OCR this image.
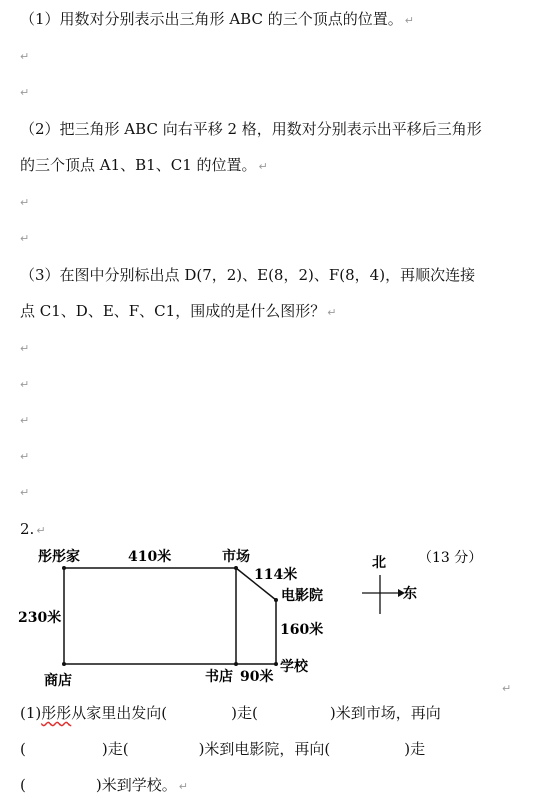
（1）用数对分别表示出三角形 ABC 的三个顶点的位置。 ↵
↵
↵
（2）把三角形 ABC 向右平移 2 格，用数对分别表示出平移后三角形
的三个顶点 A1、B1、C1 的位置。 ↵
↵
↵
（3）在图中分别标出点 D(7，2)、E(8，2)、F(8，4)，再顺次连接
点 C1、D、E、F、C1，围成的是什么图形？ ↵
↵
↵
↵
↵
↵
2. ↵
彤彤家	410米	市场
114米
电影院
230米
160米
商店	书店 90米
学校
北
东
（13 分）
↵
(1)彤彤从家里出发向(	)走(	)米到市场，再向
(	)走(	)米到电影院，再向(	)走
(	)米到学校。 ↵
